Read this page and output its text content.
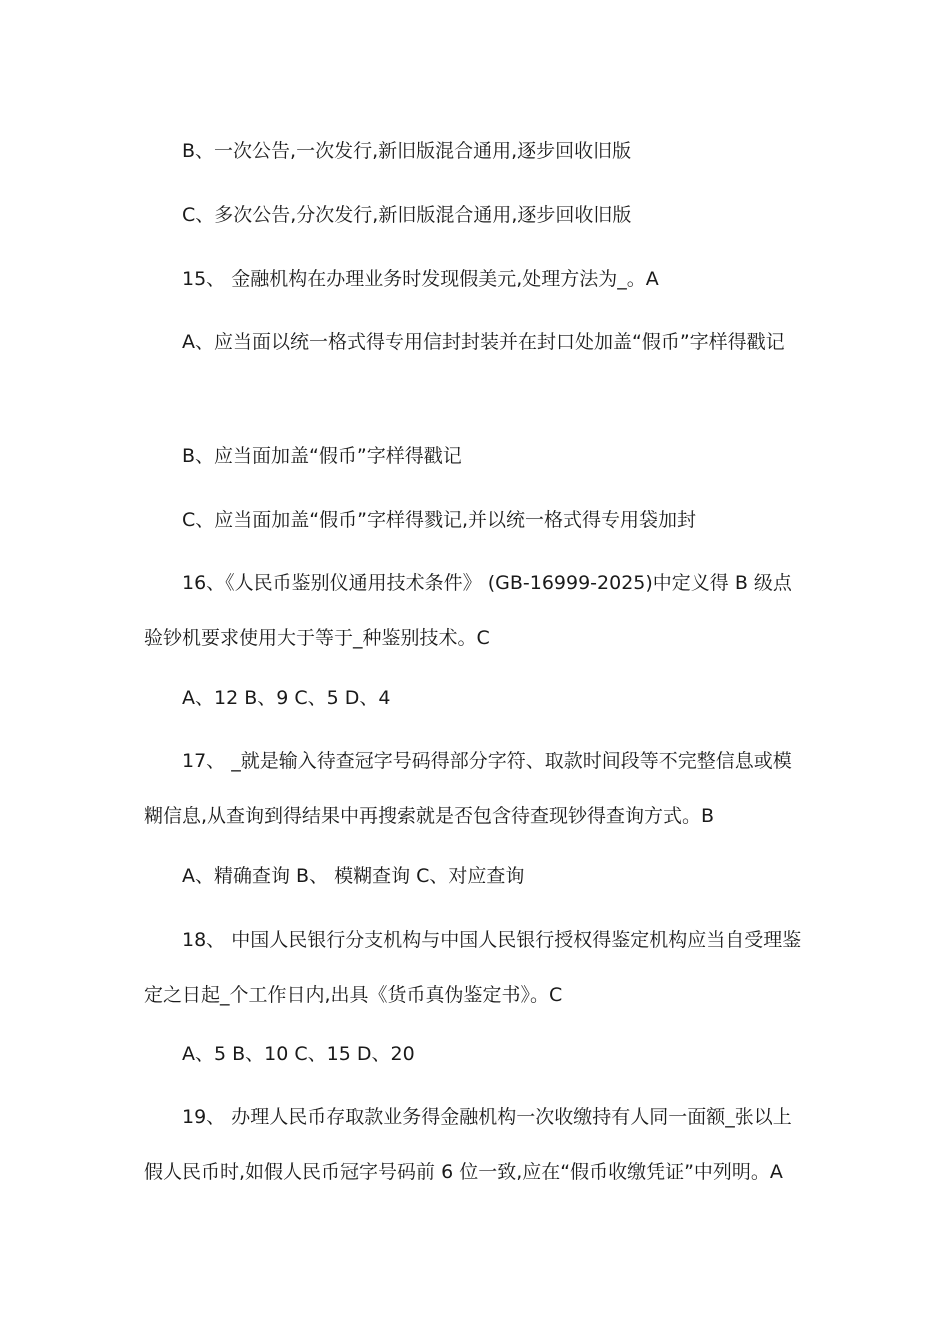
B、一次公告,一次发行,新旧版混合通用,逐步回收旧版

C、多次公告,分次发行,新旧版混合通用,逐步回收旧版

15、 金融机构在办理业务时发现假美元,处理方法为_。A

A、应当面以统一格式得专用信封封装并在封口处加盖“假币”字样得戳记

B、应当面加盖“假币”字样得戳记

C、应当面加盖“假币”字样得戮记,并以统一格式得专用袋加封

16、《人民币鉴别仪通用技术条件》 (GB-16999-2025)中定义得 B 级点验钞机要求使用大于等于_种鉴别技术。C

A、12 B、9 C、5 D、4

17、 _就是输入待查冠字号码得部分字符、取款时间段等不完整信息或模糊信息,从查询到得结果中再搜索就是否包含待查现钞得查询方式。B

A、精确查询 B、 模糊查询 C、对应查询

18、 中国人民银行分支机构与中国人民银行授权得鉴定机构应当自受理鉴定之日起_个工作日内,出具《货币真伪鉴定书》。C

A、5 B、10 C、15 D、20

19、 办理人民币存取款业务得金融机构一次收缴持有人同一面额_张以上假人民币时,如假人民币冠字号码前 6 位一致,应在“假币收缴凭证”中列明。A
